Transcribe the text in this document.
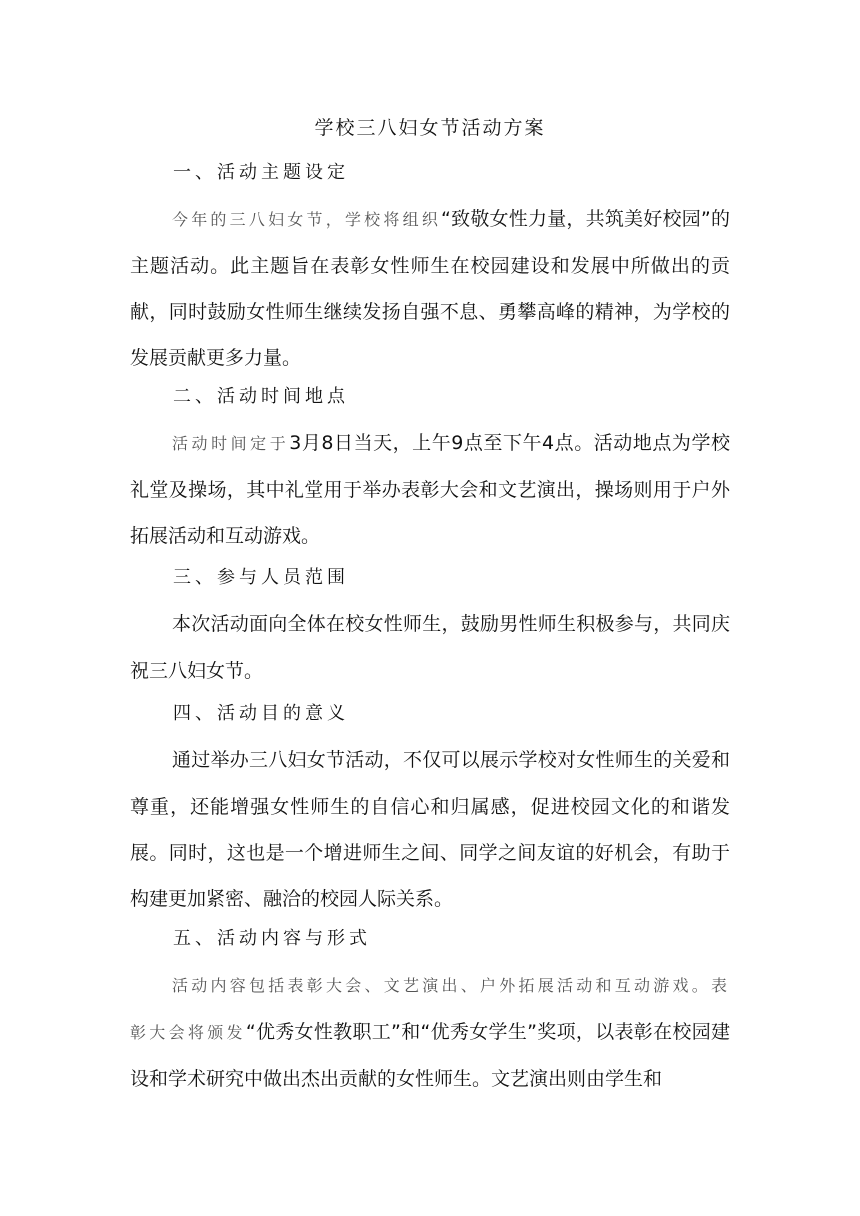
学校三八妇女节活动方案
一、活动主题设定
今年的三八妇女节，学校将组织“致敬女性力量，共筑美好校园”的主题活动。此主题旨在表彰女性师生在校园建设和发展中所做出的贡献，同时鼓励女性师生继续发扬自强不息、勇攀高峰的精神，为学校的发展贡献更多力量。
二、活动时间地点
活动时间定于3月8日当天，上午9点至下午4点。活动地点为学校礼堂及操场，其中礼堂用于举办表彰大会和文艺演出，操场则用于户外拓展活动和互动游戏。
三、参与人员范围
本次活动面向全体在校女性师生，鼓励男性师生积极参与，共同庆祝三八妇女节。
四、活动目的意义
通过举办三八妇女节活动，不仅可以展示学校对女性师生的关爱和尊重，还能增强女性师生的自信心和归属感，促进校园文化的和谐发展。同时，这也是一个增进师生之间、同学之间友谊的好机会，有助于构建更加紧密、融洽的校园人际关系。
五、活动内容与形式
活动内容包括表彰大会、文艺演出、户外拓展活动和互动游戏。表彰大会将颁发“优秀女性教职工”和“优秀女学生”奖项，以表彰在校园建设和学术研究中做出杰出贡献的女性师生。文艺演出则由学生和
